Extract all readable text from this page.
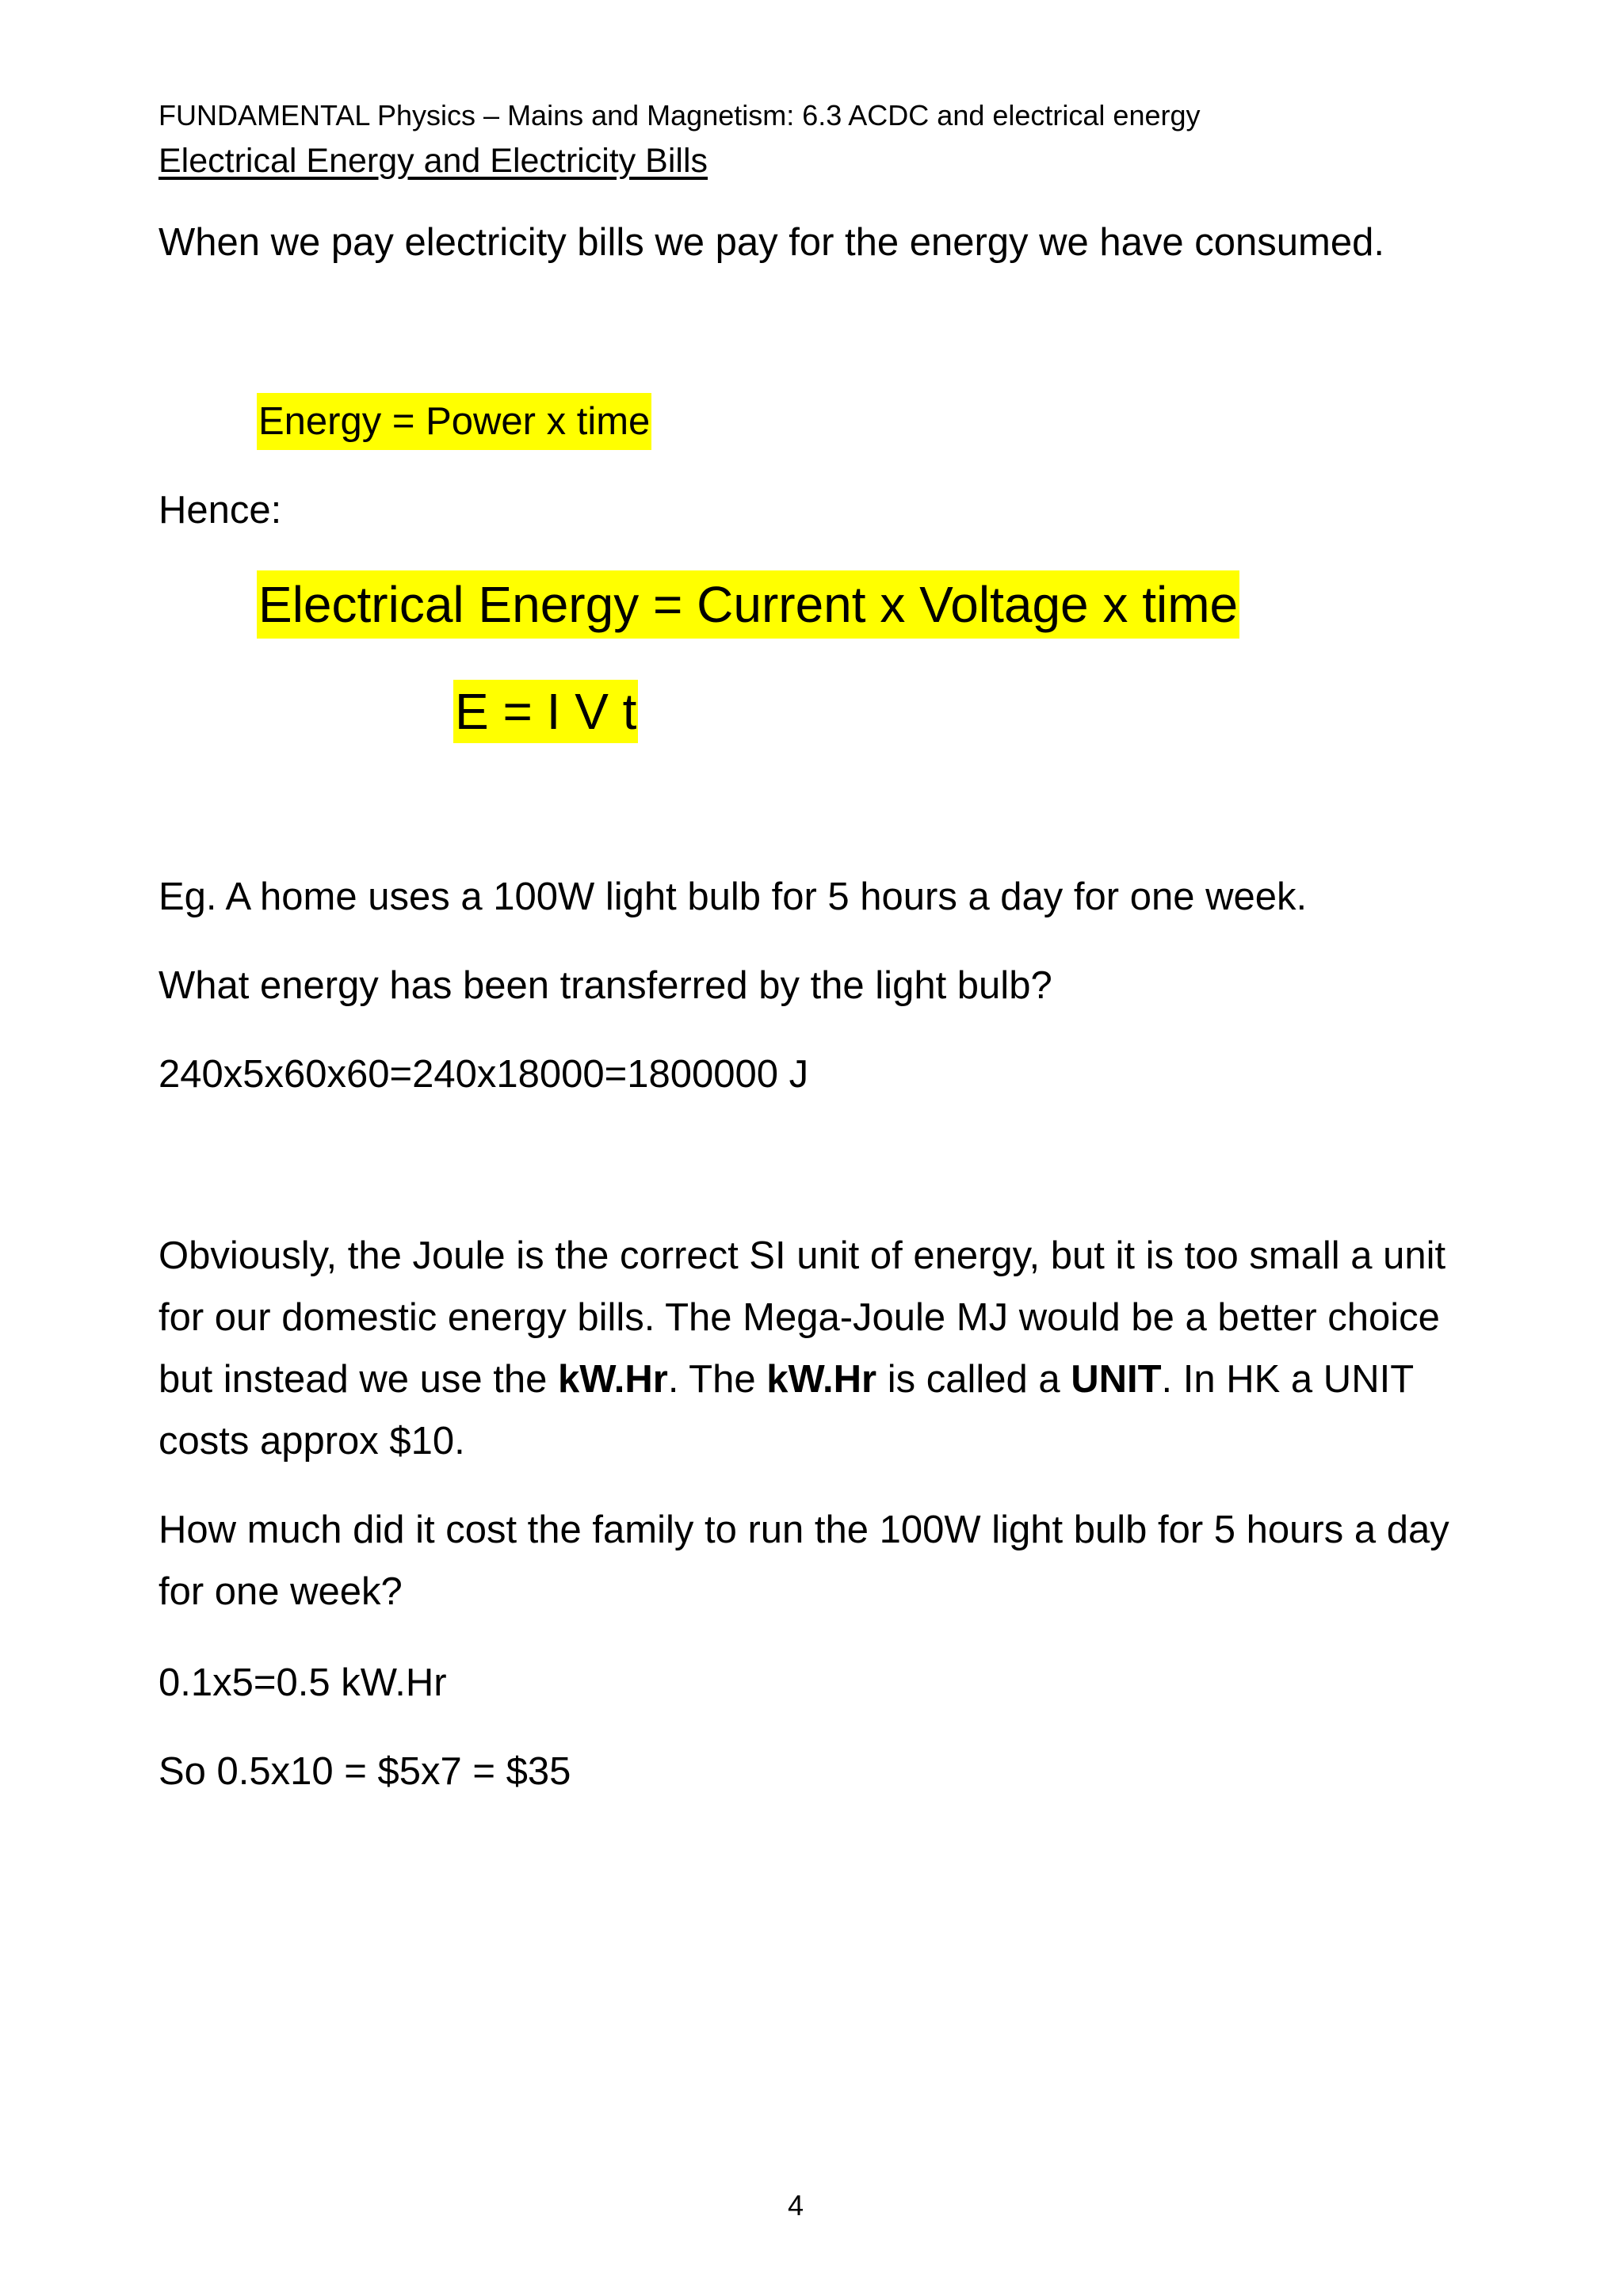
FUNDAMENTAL Physics – Mains and Magnetism: 6.3 ACDC and electrical energy

Electrical Energy and Electricity Bills

When we pay electricity bills we pay for the energy we have consumed.

Energy = Power x time

Hence:

Electrical Energy = Current x Voltage x time
E = I V t

Eg. A home uses a 100W light bulb for 5 hours a day for one week.

What energy has been transferred by the light bulb?

240x5x60x60=240x18000=1800000 J

Obviously, the Joule is the correct SI unit of energy, but it is too small a unit for our domestic energy bills. The Mega-Joule MJ would be a better choice but instead we use the kW.Hr. The kW.Hr is called a UNIT. In HK a UNIT costs approx $10.

How much did it cost the family to run the 100W light bulb for 5 hours a day for one week?

0.1x5=0.5 kW.Hr

So 0.5x10 = $5x7 = $35

4
